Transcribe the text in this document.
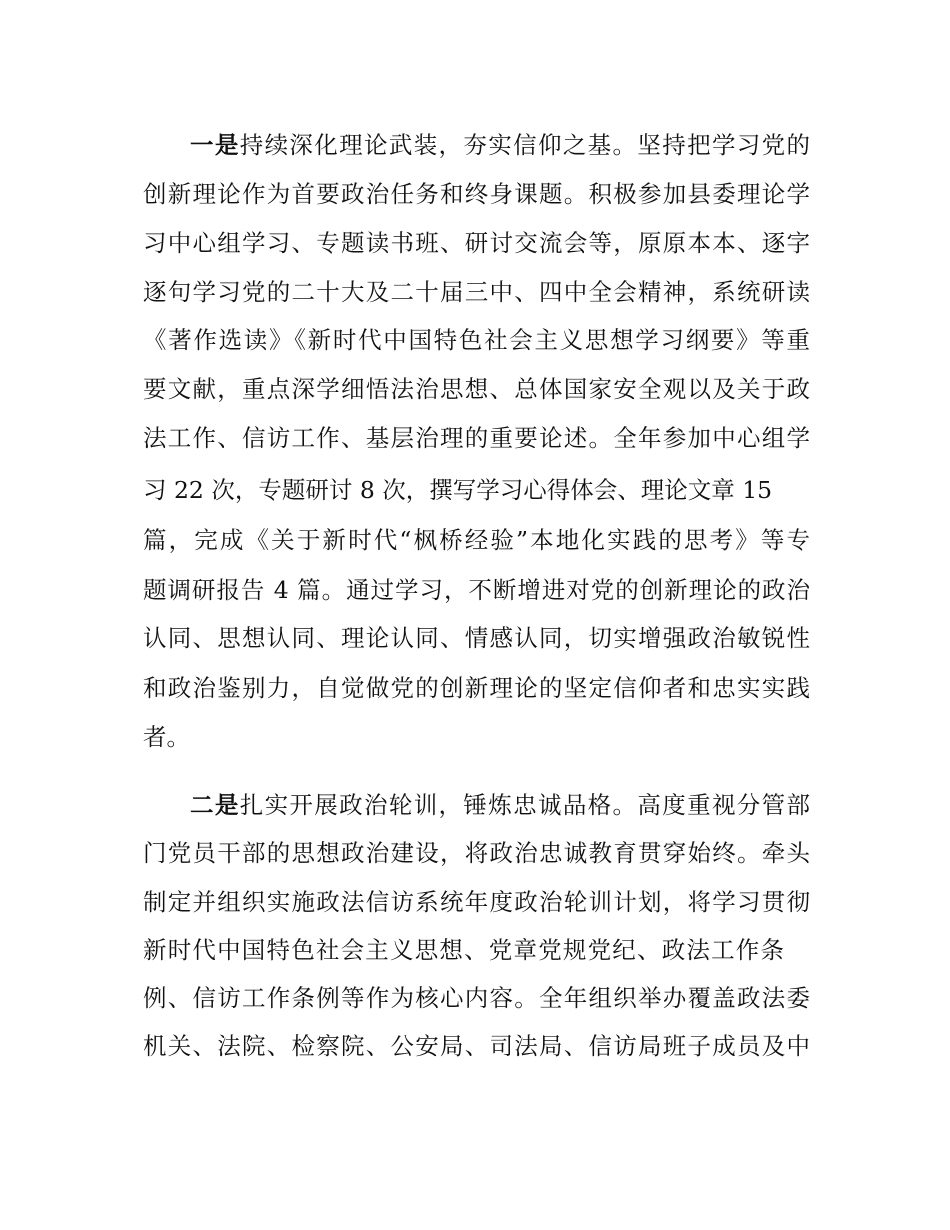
一是持续深化理论武装，夯实信仰之基。坚持把学习党的
创新理论作为首要政治任务和终身课题。积极参加县委理论学
习中心组学习、专题读书班、研讨交流会等，原原本本、逐字
逐句学习党的二十大及二十届三中、四中全会精神，系统研读
《著作选读》《新时代中国特色社会主义思想学习纲要》等重
要文献，重点深学细悟法治思想、总体国家安全观以及关于政
法工作、信访工作、基层治理的重要论述。全年参加中心组学
习 22 次，专题研讨 8 次，撰写学习心得体会、理论文章 15
篇，完成《关于新时代“枫桥经验”本地化实践的思考》等专
题调研报告 4 篇。通过学习，不断增进对党的创新理论的政治
认同、思想认同、理论认同、情感认同，切实增强政治敏锐性
和政治鉴别力，自觉做党的创新理论的坚定信仰者和忠实实践
者。
二是扎实开展政治轮训，锤炼忠诚品格。高度重视分管部
门党员干部的思想政治建设，将政治忠诚教育贯穿始终。牵头
制定并组织实施政法信访系统年度政治轮训计划，将学习贯彻
新时代中国特色社会主义思想、党章党规党纪、政法工作条
例、信访工作条例等作为核心内容。全年组织举办覆盖政法委
机关、法院、检察院、公安局、司法局、信访局班子成员及中
